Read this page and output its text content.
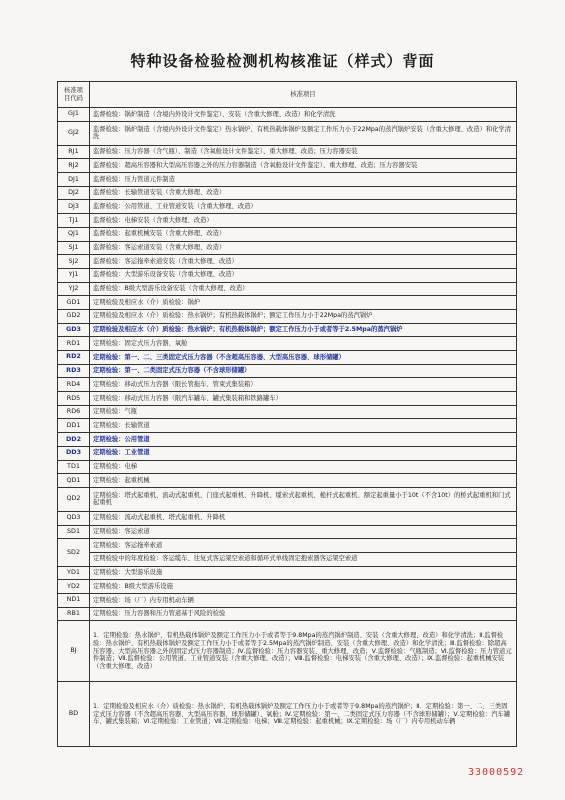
特种设备检验检测机构核准证（样式）背面
核准项目代码	核准项目
GJ1	监督检验：锅炉制造（含境内外设计文件鉴定）、安装（含重大修理、改造）和化学清洗
GJ2	监督检验：锅炉制造（含境内外设计文件鉴定）热水锅炉、有机热载体锅炉及额定工作压力小于22Mpa的蒸汽锅炉安装（含重大修理、改造）和化学清洗
RJ1	监督检验：压力容器（含气瓶）、制造（含氧舱设计文件鉴定）、重大修理、改造；压力容器安装
RJ2	监督检验：超高压容器和大型高压容器之外的压力容器制造（含氧舱设计文件鉴定）、重大修理、改造；压力容器安装
DJ1	监督检验：压力管道元件制造
DJ2	监督检验：长输管道安装（含重大修理、改造）
DJ3	监督检验：公用管道、工业管道安装（含重大修理、改造）
TJ1	监督检验：电梯安装（含重大修理、改造）
QJ1	监督检验：起重机械安装（含重大修理、改造）
SJ1	监督检验：客运索道安装（含重大修理、改造）
SJ2	监督检验：客运拖牵索道安装（含重大修理、改造）
YJ1	监督检验：大型游乐设备安装（含重大修理、改造）
YJ2	监督检验：B级大型游乐设备安装（含重大修理、改造）
GD1	定期检验及相应水（介）质检验：锅炉
GD2	定期检验及相应水（介）质检验：热水锅炉；有机热载体锅炉；额定工作压力小于22Mpa的蒸汽锅炉
GD3	定期检验及相应水（介）质检验：热水锅炉；有机热载体锅炉；额定工作压力小于或者等于2.5Mpa的蒸汽锅炉
RD1	定期检验：固定式压力容器、氧舱
RD2	定期检验：第一、二、三类固定式压力容器（不含超高压容器、大型高压容器、球形储罐）
RD3	定期检验：第一、二类固定式压力容器（不含球形储罐）
RD4	定期检验：移动式压力容器（限长管拖车、管束式集装箱）
RD5	定期检验：移动式压力容器（限汽车罐车、罐式集装箱和铁路罐车）
RD6	定期检验：气瓶
DD1	定期检验：长输管道
DD2	定期检验：公用管道
DD3	定期检验：工业管道
TD1	定期检验：电梯
QD1	定期检验：起重机械
QD2	定期检验：塔式起重机、流动式起重机、门座式起重机、升降机、缆索式起重机、桅杆式起重机、额定起重量小于10t（不含10t）的桥式起重机和门式起重机
QD3	定期检验：流动式起重机、塔式起重机、升降机
SD1	定期检验：客运索道
SD2	定期检验：客运拖牵索道
	定期检验中的年度检验：客运缆车、往复式客运架空索道和循环式单线固定抱索器客运架空索道
YD1	定期检验：大型游乐设施
YD2	定期检验：B级大型游乐设施
ND1	定期检验：场（厂）内专用机动车辆
RB1	定期检验：压力容器和压力管道基于风险的检验
BJ	1．定期检验：热水锅炉、有机热载体锅炉及额定工作压力小于或者等于9.8Mpa的蒸汽锅炉制造、安装（含重大修理、改造）和化学清洗；Ⅱ.监督检验：热水锅炉、有机热载体锅炉及额定工作压力小于或者等于2.5Mpa的蒸汽锅炉制造、安装（含重大修理、改造）和化学清洗；Ⅲ.监督检验：除超高压容器、大型高压容器之外的固定式压力容器制造；Ⅳ.监督检验：压力容器安装、重大修理、改造；Ⅴ.监督检验：气瓶制造；Ⅵ.监督检验：压力管道元件制造；Ⅶ.监督检验：公用管道、工业管道安装（含重大修理、改造）；Ⅷ.监督检验：电梯安装（含重大修理、改造）；Ⅸ.监督检验：起重机械安装（含重大修理、改造）
BD	1．定期检验及相应水（介）质检验：热水锅炉、有机热载体锅炉及额定工作压力小于或者等于9.8Mpa的蒸汽锅炉；Ⅱ．定期检验：第一、二、三类固定式压力容器（不含超高压容器、大型高压容器、球形储罐）、氧舱；Ⅳ.定期检验：第一、二类固定式压力容器（不含球形储罐）；Ⅴ.定期检验：汽车罐车、罐式集装箱；Ⅵ.定期检验：工业管道；Ⅶ.定期检验：电梯；Ⅷ.定期检验：起重机械；Ⅸ.定期检验：场（厂）内专用机动车辆
33000592
